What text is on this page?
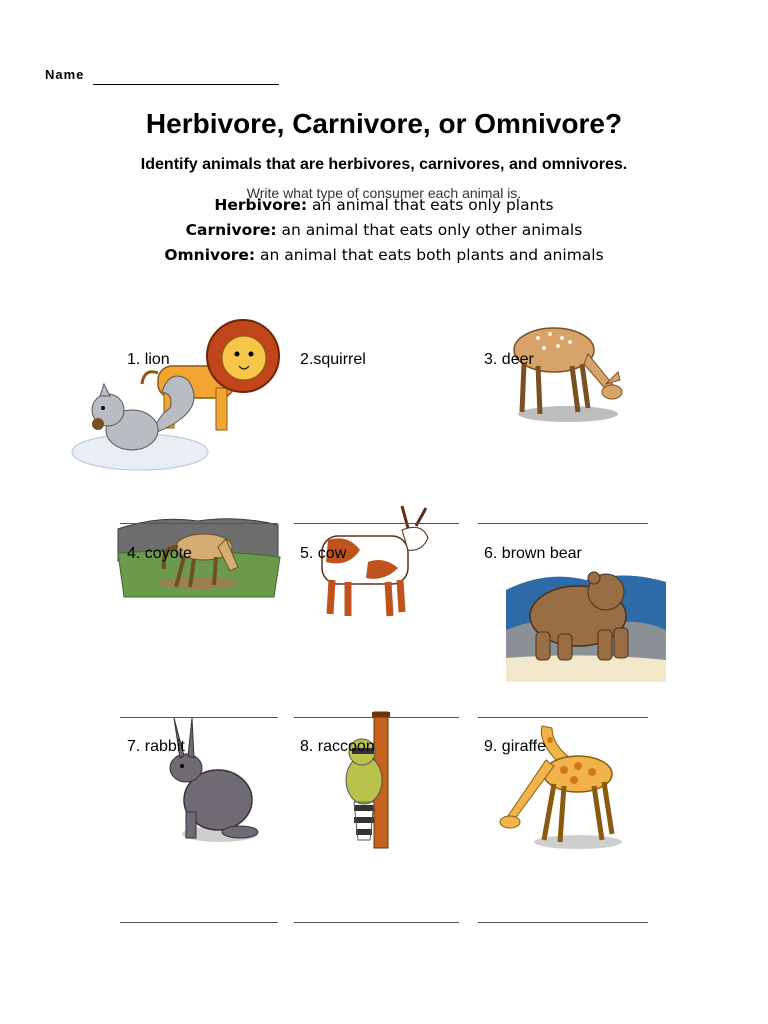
Name
Herbivore, Carnivore, or Omnivore?
Identify animals that are herbivores, carnivores, and omnivores.
Write what type of consumer each animal is.
Herbivore: an animal that eats only plants
Carnivore: an animal that eats only other animals
Omnivore: an animal that eats both plants and animals
1. lion	2.squirrel	3. deer
4. coyote	5. cow	6. brown bear
7. rabbit	8. raccoon	9. giraffe
